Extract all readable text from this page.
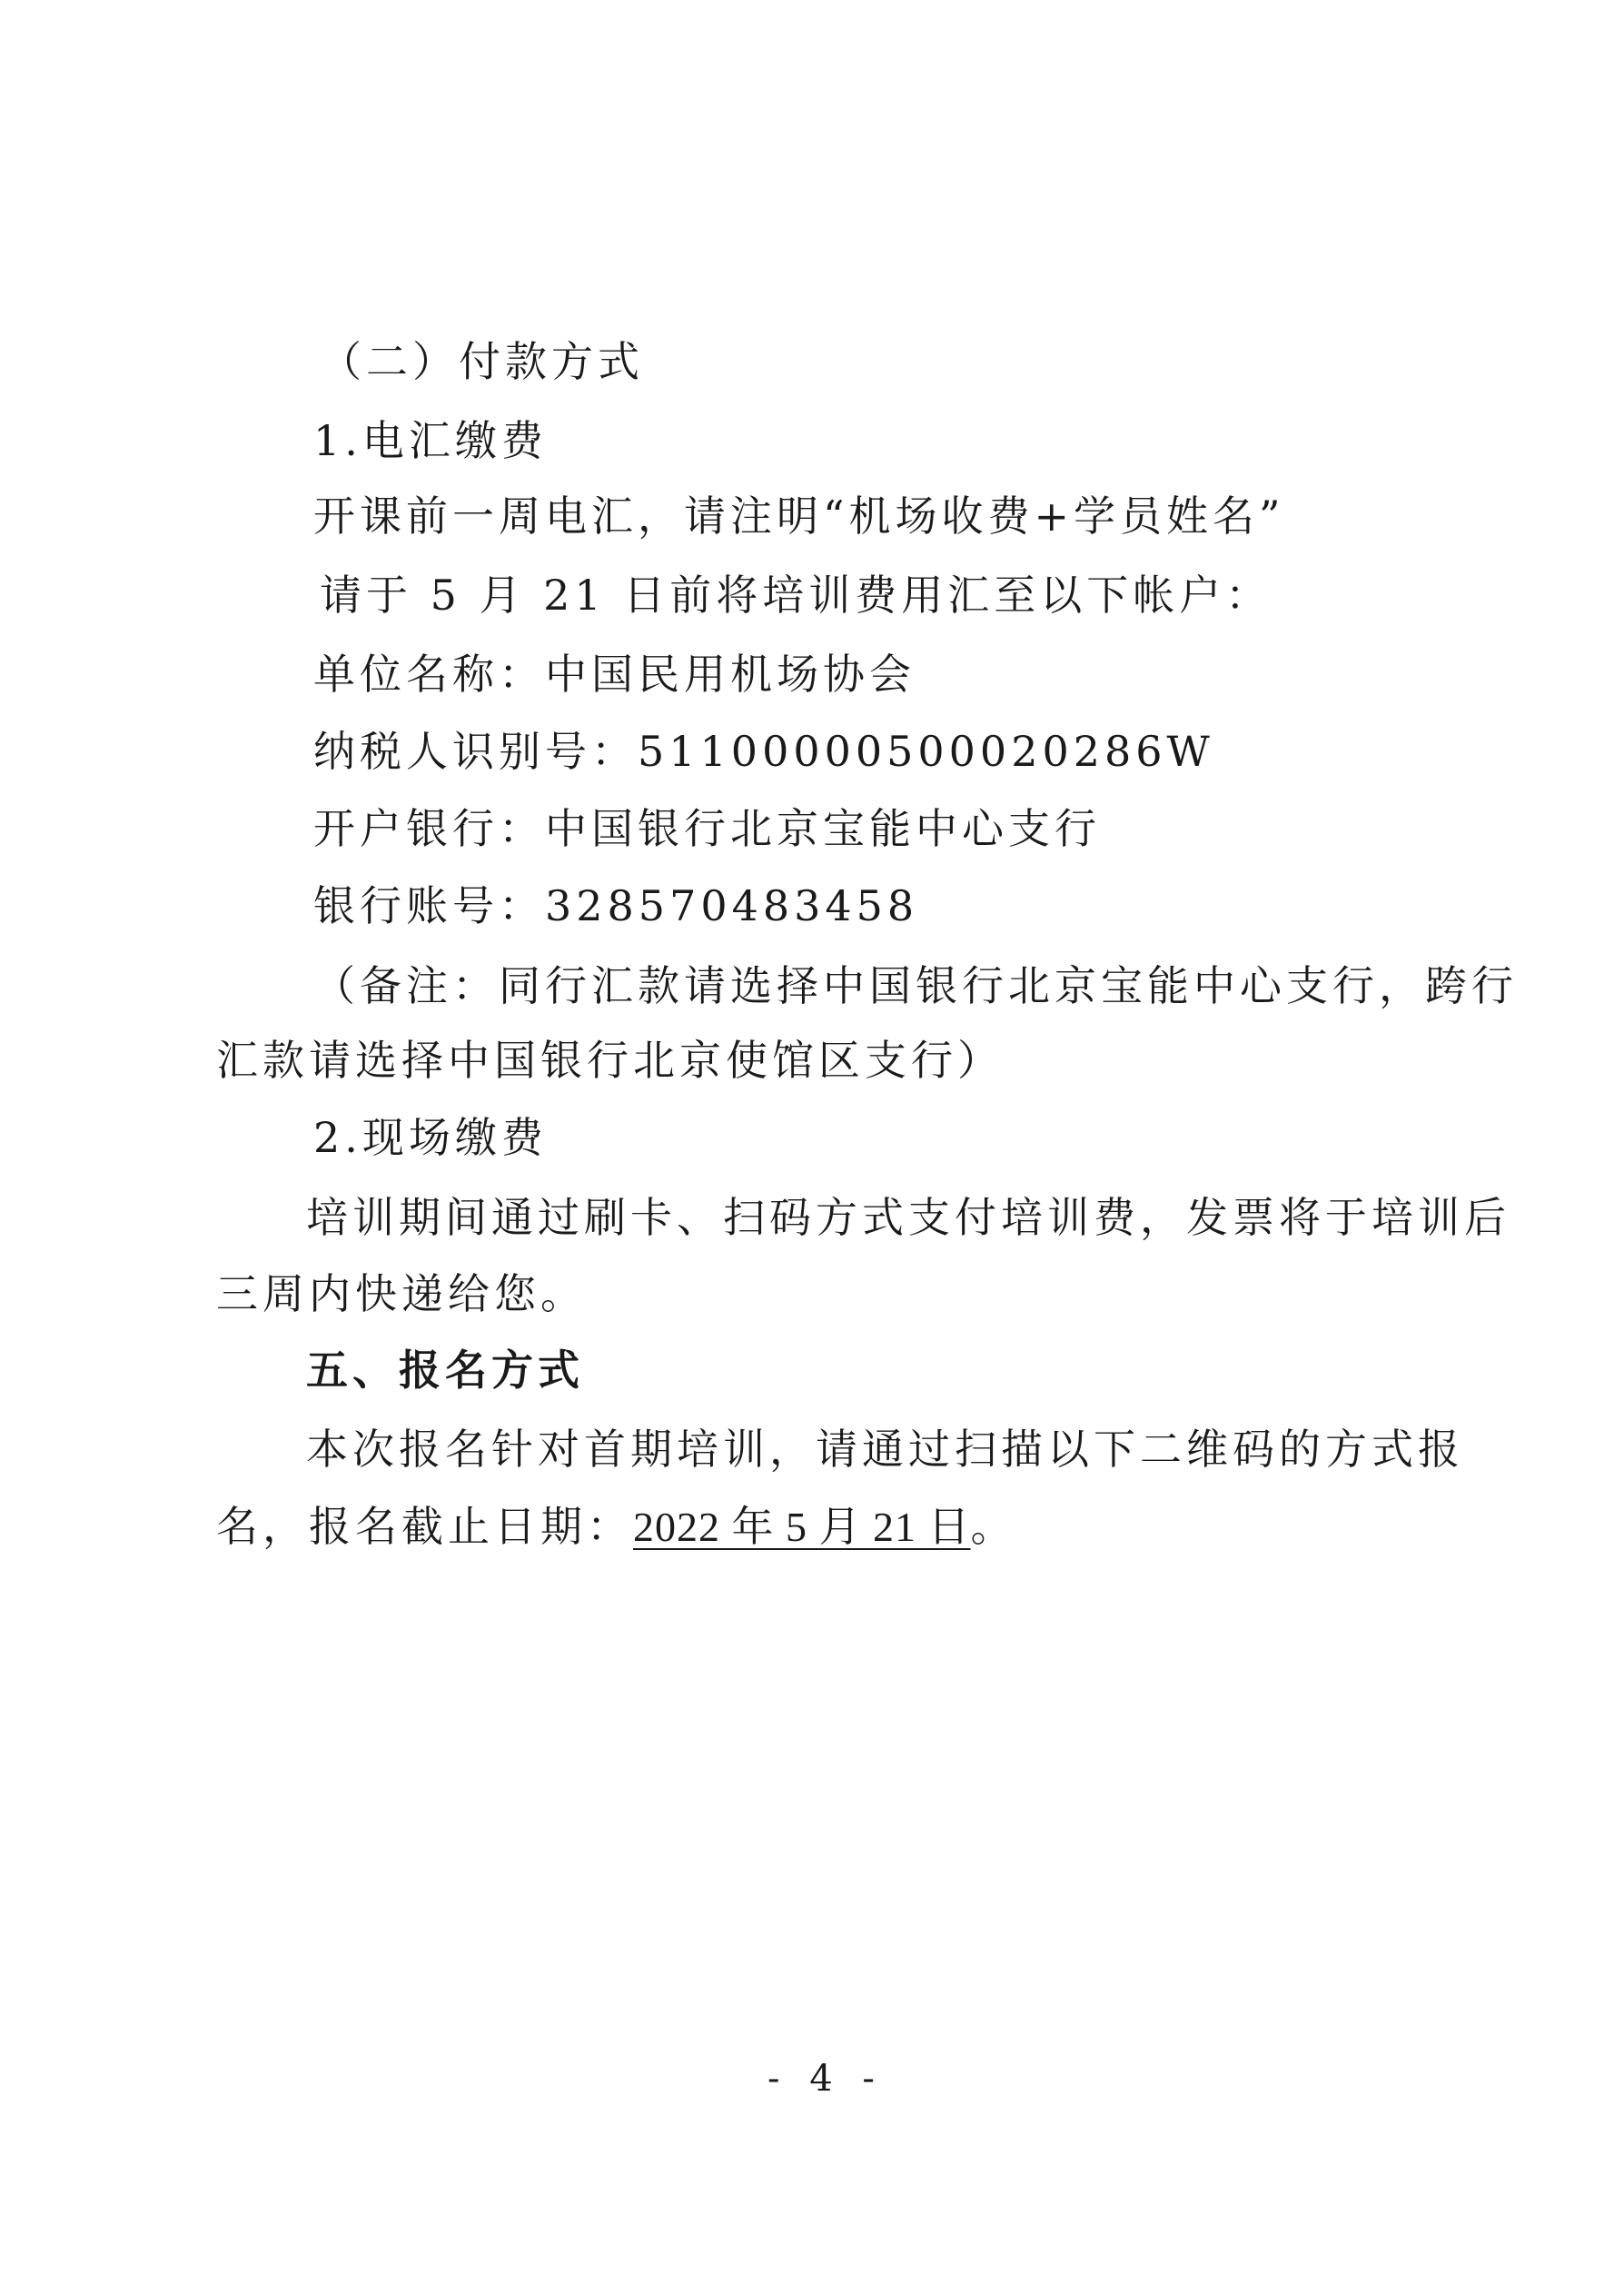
（二）付款方式
1.电汇缴费
开课前一周电汇，请注明“机场收费+学员姓名”
请于 5 月 21 日前将培训费用汇至以下帐户：
单位名称：中国民用机场协会
纳税人识别号：51100000500020286W
开户银行：中国银行北京宝能中心支行
银行账号：328570483458
（备注：同行汇款请选择中国银行北京宝能中心支行，跨行
汇款请选择中国银行北京使馆区支行）
2.现场缴费
培训期间通过刷卡、扫码方式支付培训费，发票将于培训后
三周内快递给您。
五、报名方式
本次报名针对首期培训，请通过扫描以下二维码的方式报
名，报名截止日期：2022 年 5 月 21 日。
- 4 -
